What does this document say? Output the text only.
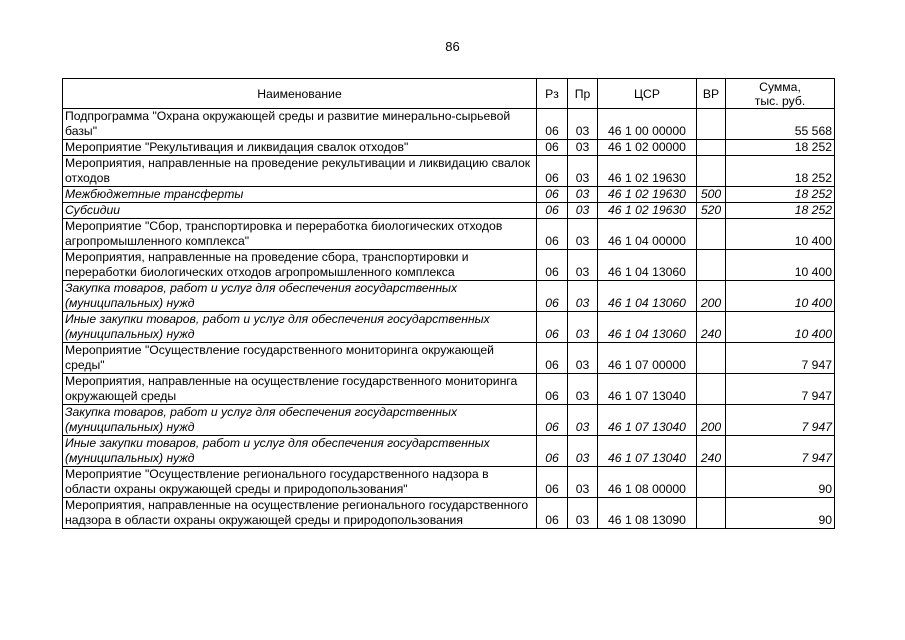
86
Наименование	Рз	Пр	ЦСР	ВР	Сумма,
тыс. руб.
Подпрограмма "Охрана окружающей среды и развитие минерально-сырьевой базы"	06	03	46 1 00 00000		55 568
Мероприятие "Рекультивация и ликвидация свалок отходов"	06	03	46 1 02 00000		18 252
Мероприятия, направленные на проведение рекультивации и ликвидацию свалок отходов	06	03	46 1 02 19630		18 252
Межбюджетные трансферты	06	03	46 1 02 19630	500	18 252
Субсидии	06	03	46 1 02 19630	520	18 252
Мероприятие "Сбор, транспортировка и переработка биологических отходов агропромышленного комплекса"	06	03	46 1 04 00000		10 400
Мероприятия, направленные на проведение сбора, транспортировки и переработки биологических отходов агропромышленного комплекса	06	03	46 1 04 13060		10 400
Закупка товаров, работ и услуг для обеспечения государственных (муниципальных) нужд	06	03	46 1 04 13060	200	10 400
Иные закупки товаров, работ и услуг для обеспечения государственных (муниципальных) нужд	06	03	46 1 04 13060	240	10 400
Мероприятие "Осуществление государственного мониторинга окружающей среды"	06	03	46 1 07 00000		7 947
Мероприятия, направленные на осуществление государственного мониторинга окружающей среды	06	03	46 1 07 13040		7 947
Закупка товаров, работ и услуг для обеспечения государственных (муниципальных) нужд	06	03	46 1 07 13040	200	7 947
Иные закупки товаров, работ и услуг для обеспечения государственных (муниципальных) нужд	06	03	46 1 07 13040	240	7 947
Мероприятие "Осуществление регионального государственного надзора в области охраны окружающей среды и природопользования"	06	03	46 1 08 00000		90
Мероприятия, направленные на осуществление регионального государственного надзора в области охраны окружающей среды и природопользования	06	03	46 1 08 13090		90
